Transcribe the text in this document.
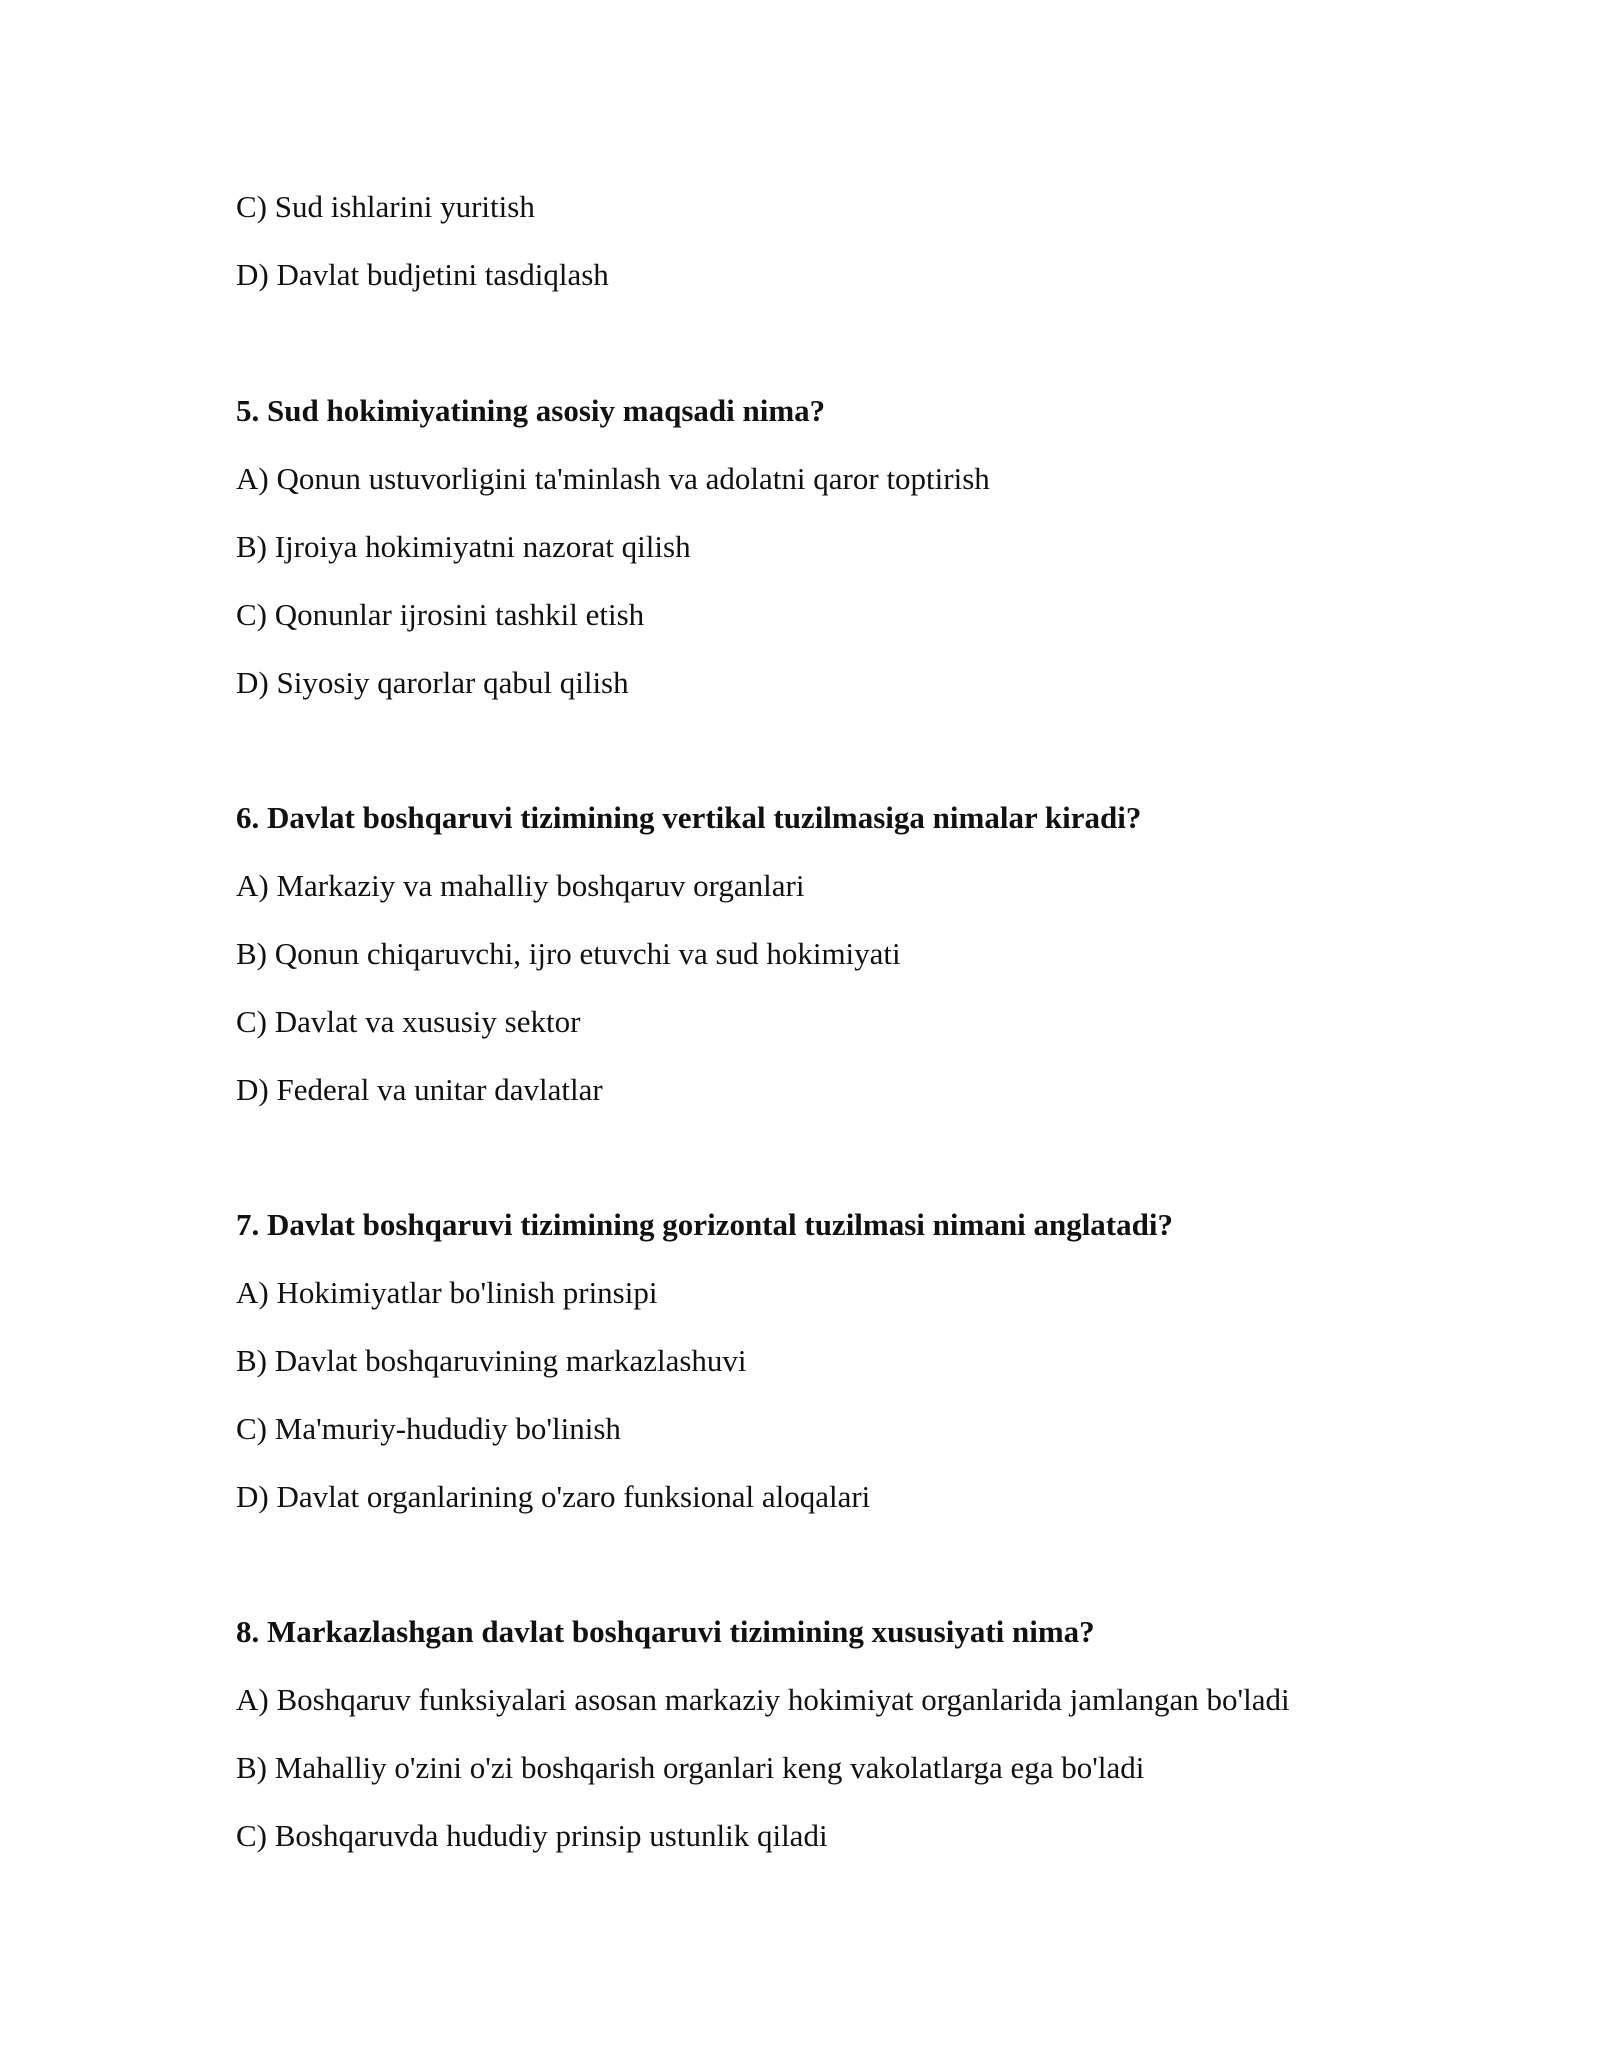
C) Sud ishlarini yuritish
D) Davlat budjetini tasdiqlash
5. Sud hokimiyatining asosiy maqsadi nima?
A) Qonun ustuvorligini ta'minlash va adolatni qaror toptirish
B) Ijroiya hokimiyatni nazorat qilish
C) Qonunlar ijrosini tashkil etish
D) Siyosiy qarorlar qabul qilish
6. Davlat boshqaruvi tizimining vertikal tuzilmasiga nimalar kiradi?
A) Markaziy va mahalliy boshqaruv organlari
B) Qonun chiqaruvchi, ijro etuvchi va sud hokimiyati
C) Davlat va xususiy sektor
D) Federal va unitar davlatlar
7. Davlat boshqaruvi tizimining gorizontal tuzilmasi nimani anglatadi?
A) Hokimiyatlar bo'linish prinsipi
B) Davlat boshqaruvining markazlashuvi
C) Ma'muriy-hududiy bo'linish
D) Davlat organlarining o'zaro funksional aloqalari
8. Markazlashgan davlat boshqaruvi tizimining xususiyati nima?
A) Boshqaruv funksiyalari asosan markaziy hokimiyat organlarida jamlangan bo'ladi
B) Mahalliy o'zini o'zi boshqarish organlari keng vakolatlarga ega bo'ladi
C) Boshqaruvda hududiy prinsip ustunlik qiladi
